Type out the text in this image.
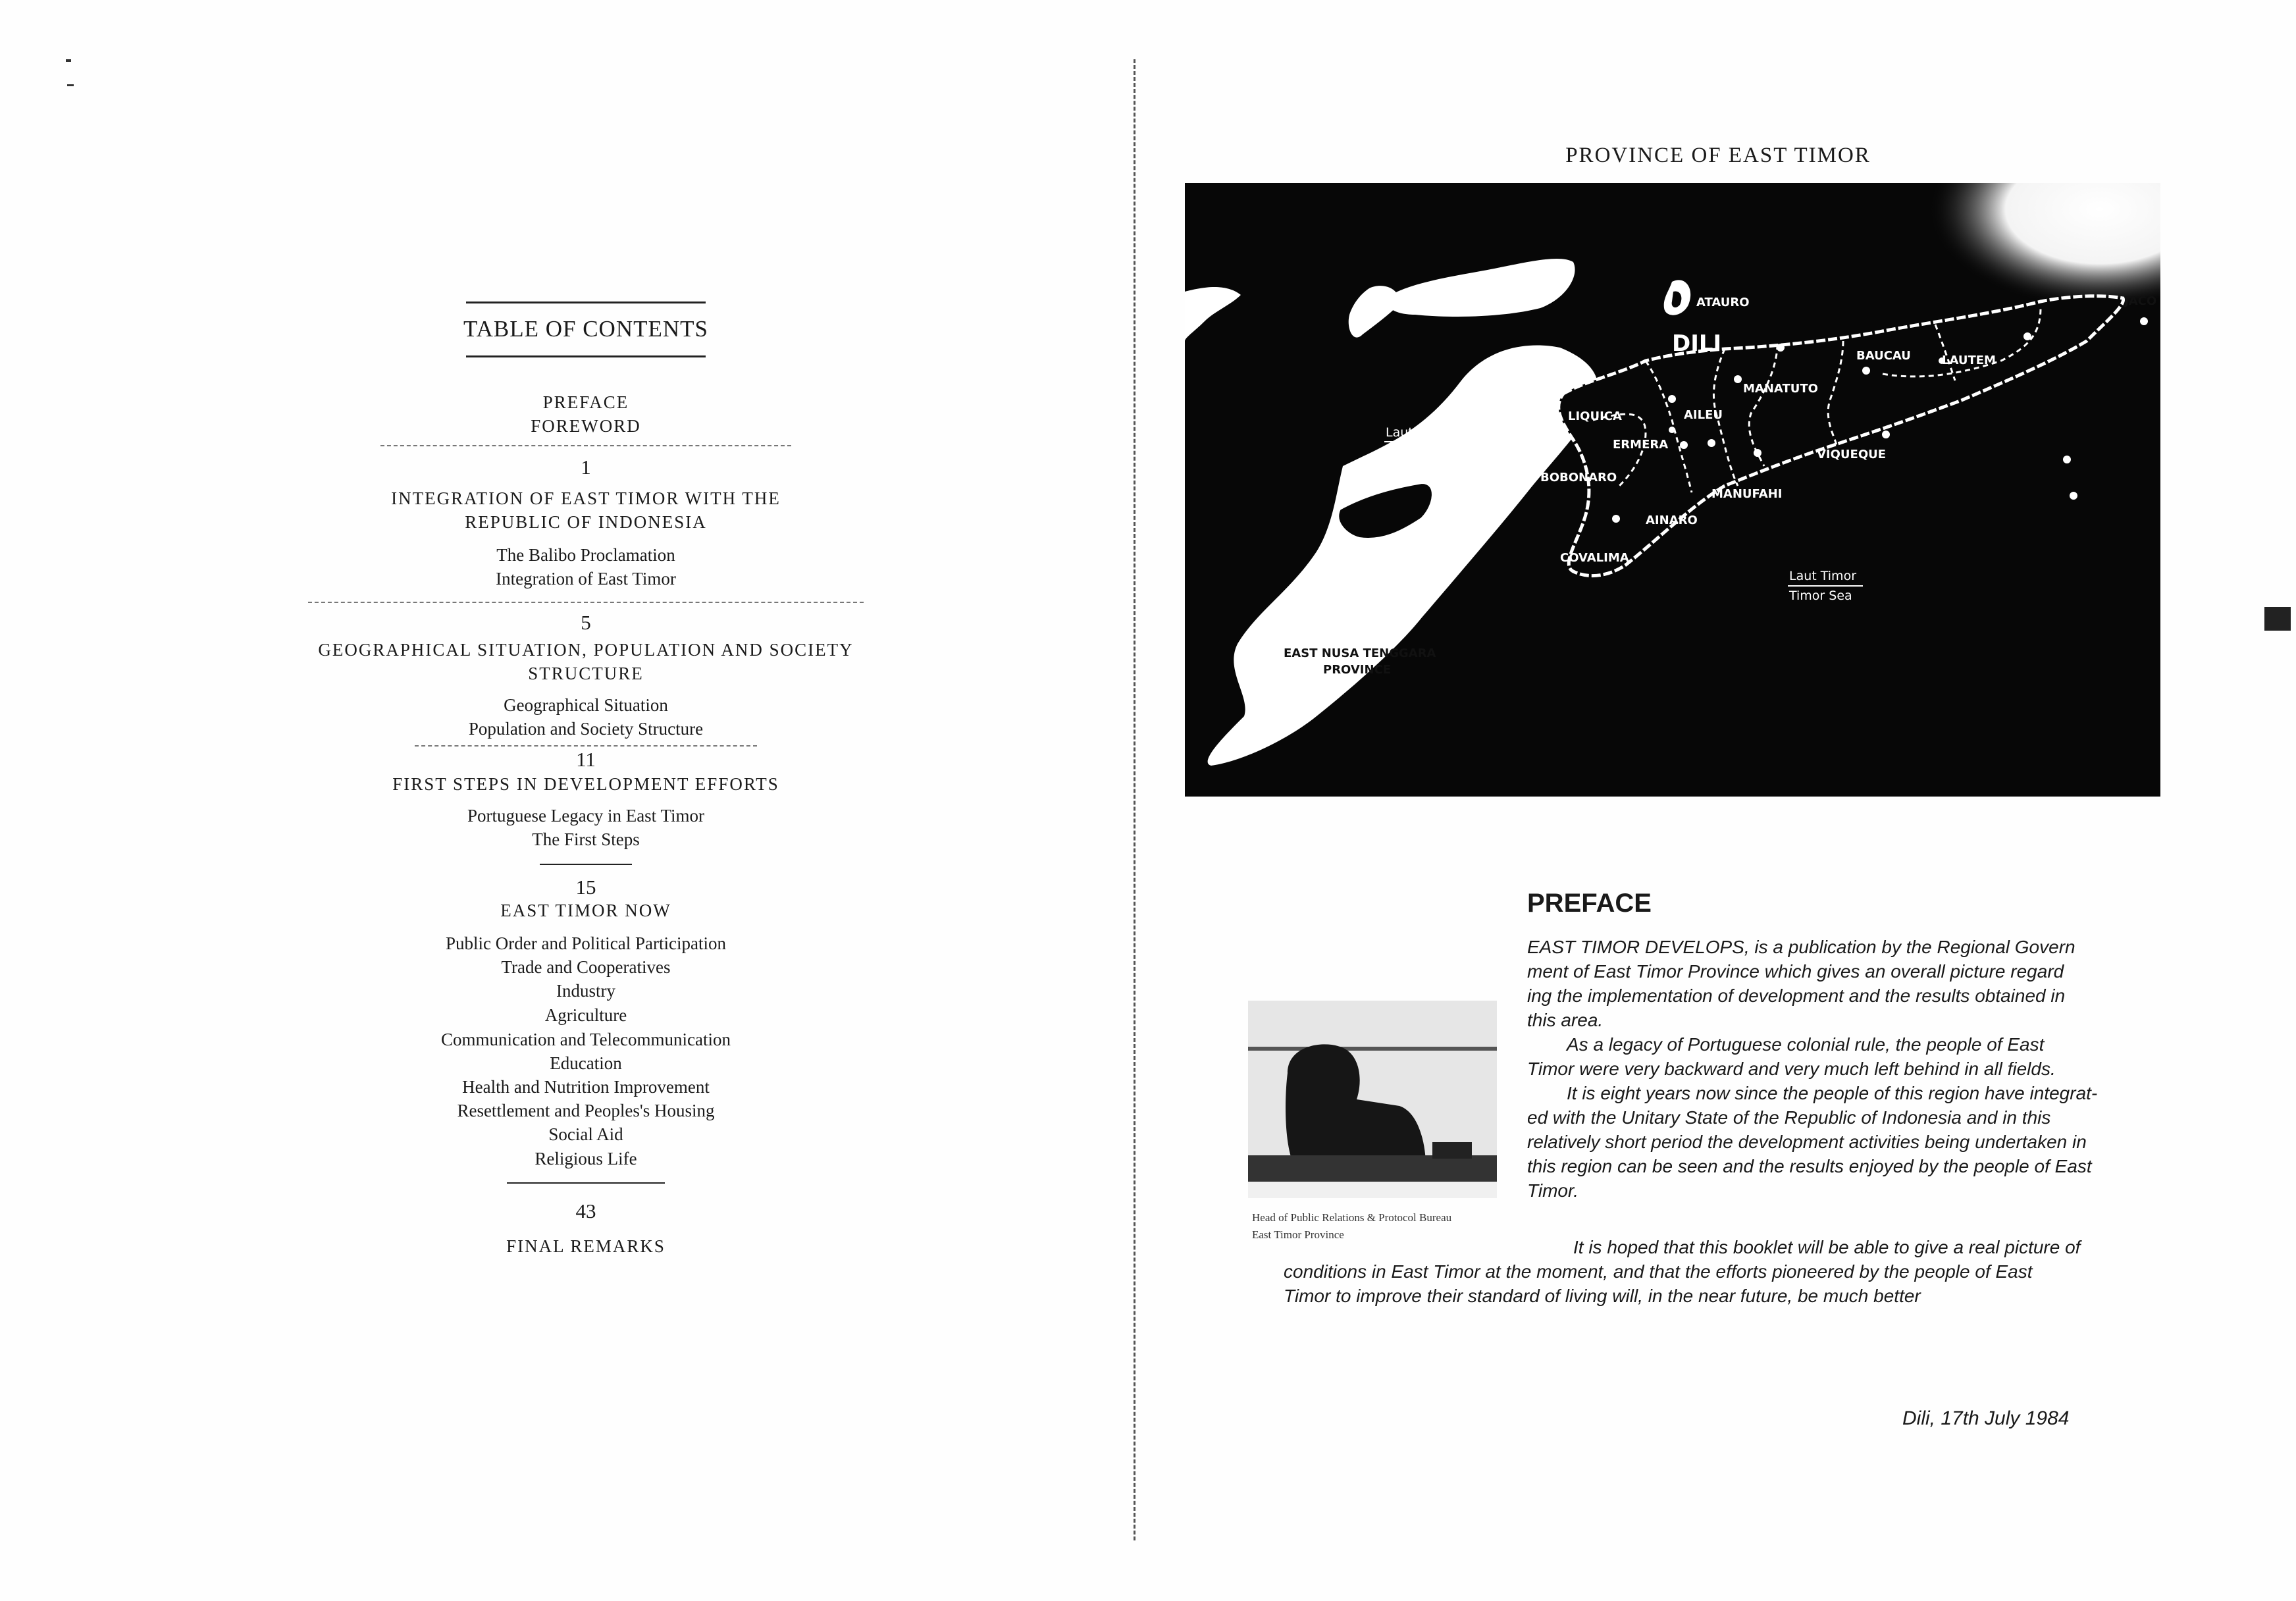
TABLE OF CONTENTS
PREFACE
FOREWORD
1
INTEGRATION OF EAST TIMOR WITH THE
REPUBLIC OF INDONESIA
The Balibo Proclamation
Integration of East Timor
5
GEOGRAPHICAL SITUATION, POPULATION AND SOCIETY
STRUCTURE
Geographical Situation
Population and Society Structure
11
FIRST STEPS IN DEVELOPMENT EFFORTS
Portuguese Legacy in East Timor
The First Steps
15
EAST TIMOR NOW
Public Order and Political Participation
Trade and Cooperatives
Industry
Agriculture
Communication and Telecommunication
Education
Health and Nutrition Improvement
Resettlement and Peoples's Housing
Social Aid
Religious Life
43
FINAL REMARKS
PROVINCE OF EAST TIMOR
ALOR	ATAURO	JACO
DILI	BAUCAU	LAUTEM
MANATUTO
LIQUICA	AILEU
ERMERA
VIQUEQUE
BOBONARO
MANUFAHI
AINARO
COVALIMA
AMBENU
Laut Sawu
Sawu Sea
Laut Timor
Timor Sea
EAST NUSA TENGGARA
PROVINCE
PREFACE
Head of Public Relations & Protocol Bureau
East Timor Province
EAST TIMOR DEVELOPS, is a publication by the Regional Govern
ment of East Timor Province which gives an overall picture regard
ing the implementation of development and the results obtained in
this area.
As a legacy of Portuguese colonial rule, the people of East
Timor were very backward and very much left behind in all fields.
It is eight years now since the people of this region have integrat-
ed with the Unitary State of the Republic of Indonesia and in this
relatively short period the development activities being undertaken in
this region can be seen and the results enjoyed by the people of East
Timor.
It is hoped that this booklet will be able to give a real picture of
conditions in East Timor at the moment, and that the efforts pioneered by the people of East
Timor to improve their standard of living will, in the near future, be much better
Dili, 17th July 1984
